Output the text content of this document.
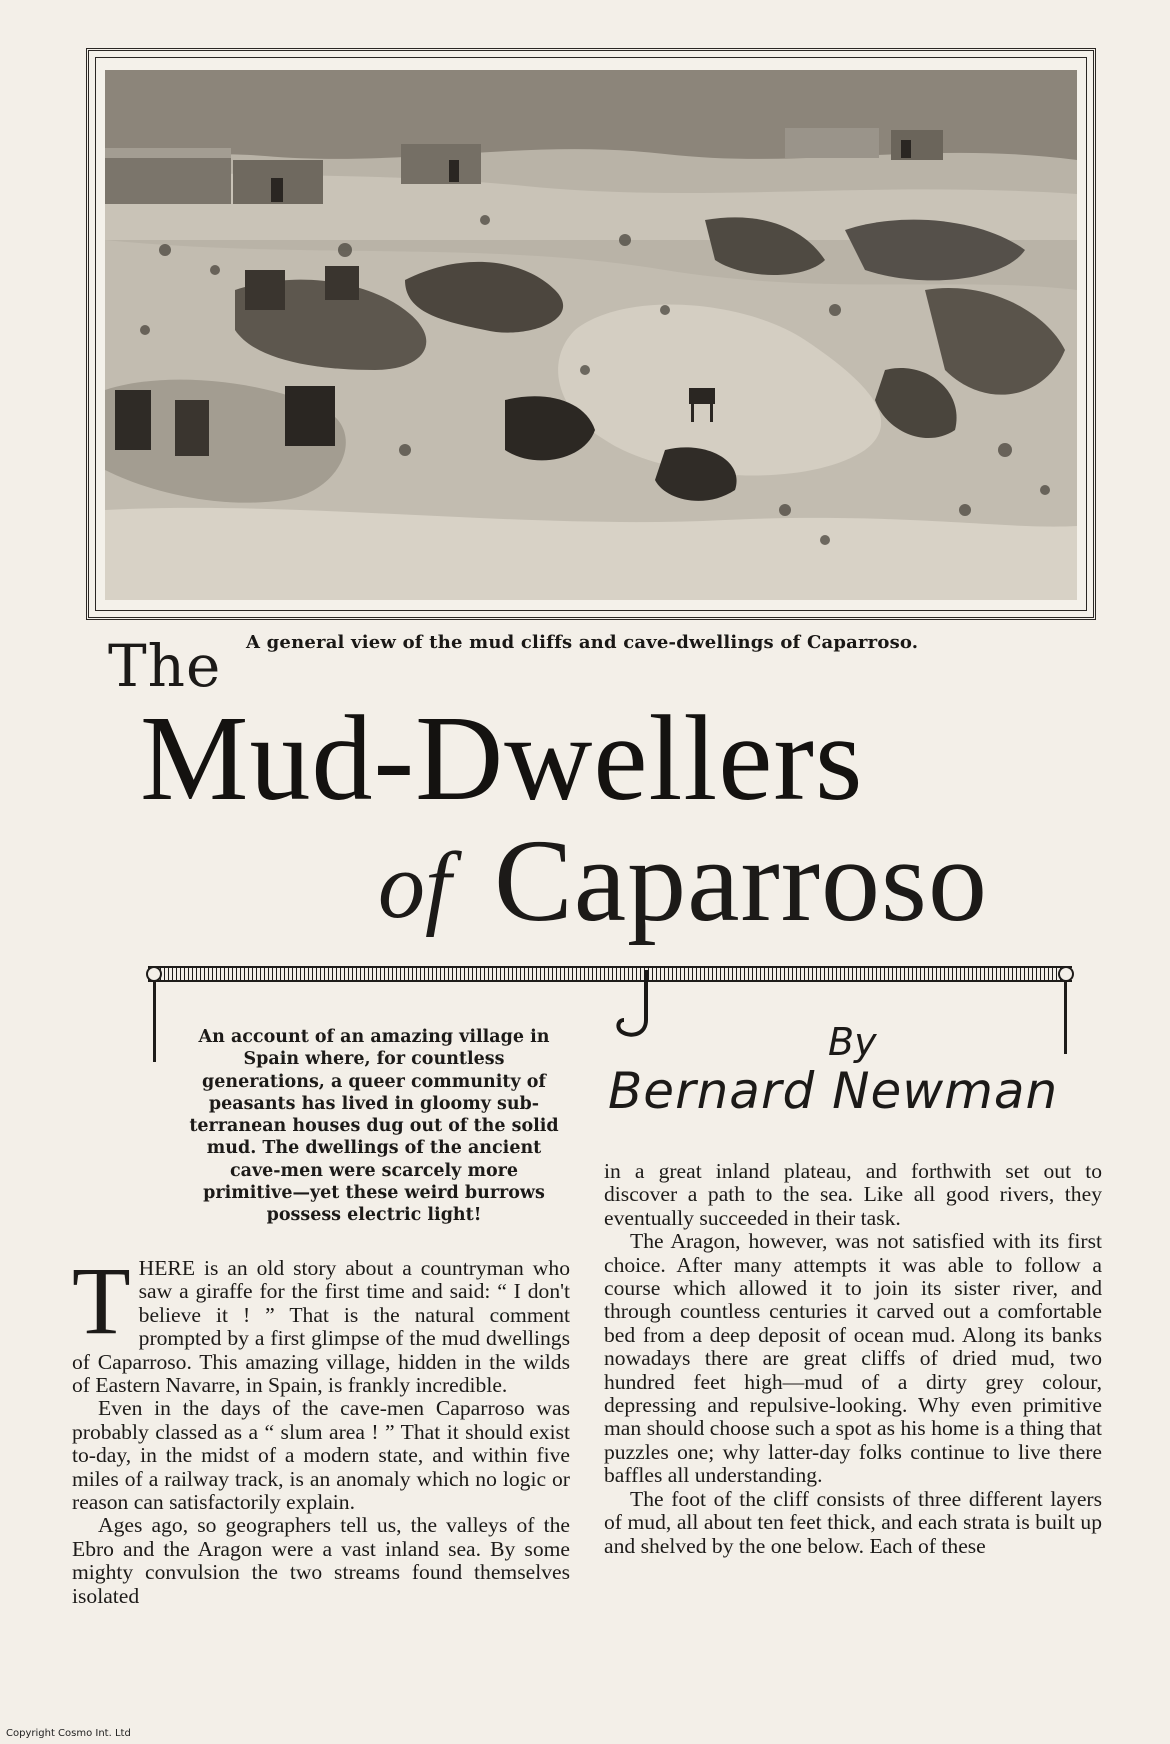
The A general view of the mud cliffs and cave-dwellings of Caparroso.
Mud-Dwellers
of Caparroso
By
Bernard Newman
An account of an amazing village in Spain where, for countless generations, a queer community of peasants has lived in gloomy sub-terranean houses dug out of the solid mud. The dwellings of the ancient cave-men were scarcely more primitive—yet these weird burrows possess electric light!

THERE is an old story about a countryman who saw a giraffe for the first time and said: “ I don't believe it ! ” That is the natural comment prompted by a first glimpse of the mud dwellings of Caparroso. This amazing village, hidden in the wilds of Eastern Navarre, in Spain, is frankly incredible.

Even in the days of the cave-men Caparroso was probably classed as a “ slum area ! ” That it should exist to-day, in the midst of a modern state, and within five miles of a railway track, is an anomaly which no logic or reason can satisfactorily explain.

Ages ago, so geographers tell us, the valleys of the Ebro and the Aragon were a vast inland sea. By some mighty convulsion the two streams found themselves isolated

in a great inland plateau, and forthwith set out to discover a path to the sea. Like all good rivers, they eventually succeeded in their task.

The Aragon, however, was not satisfied with its first choice. After many attempts it was able to follow a course which allowed it to join its sister river, and through countless centuries it carved out a comfortable bed from a deep deposit of ocean mud. Along its banks nowadays there are great cliffs of dried mud, two hundred feet high—mud of a dirty grey colour, depressing and repulsive-looking. Why even primitive man should choose such a spot as his home is a thing that puzzles one; why latter-day folks continue to live there baffles all understanding.

The foot of the cliff consists of three different layers of mud, all about ten feet thick, and each strata is built up and shelved by the one below. Each of these

Copyright Cosmo Int. Ltd
